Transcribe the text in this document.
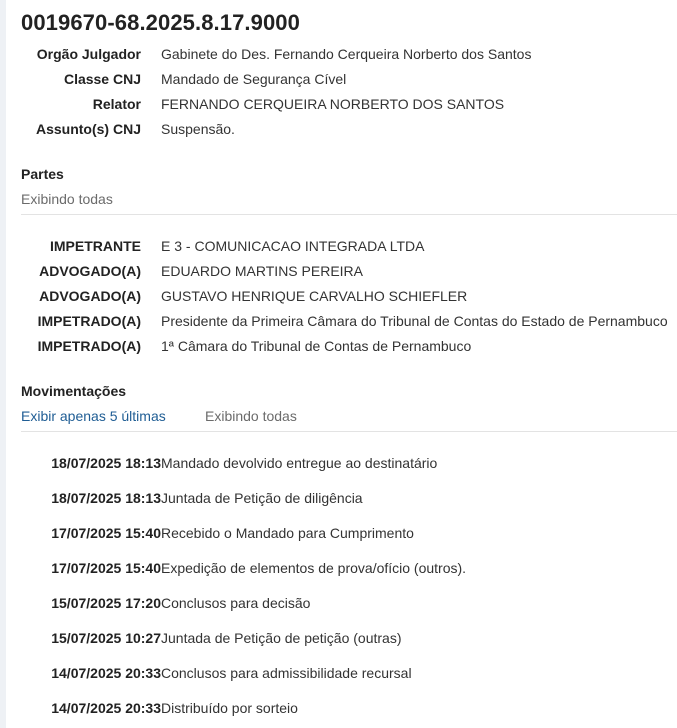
0019670-68.2025.8.17.9000
Orgão Julgador Gabinete do Des. Fernando Cerqueira Norberto dos Santos
Classe CNJ Mandado de Segurança Cível
Relator FERNANDO CERQUEIRA NORBERTO DOS SANTOS
Assunto(s) CNJ Suspensão.
Partes
Exibindo todas
IMPETRANTE E 3 - COMUNICACAO INTEGRADA LTDA
ADVOGADO(A) EDUARDO MARTINS PEREIRA
ADVOGADO(A) GUSTAVO HENRIQUE CARVALHO SCHIEFLER
IMPETRADO(A) Presidente da Primeira Câmara do Tribunal de Contas do Estado de Pernambuco
IMPETRADO(A) 1ª Câmara do Tribunal de Contas de Pernambuco
Movimentações
Exibir apenas 5 últimas	Exibindo todas
18/07/2025 18:13 Mandado devolvido entregue ao destinatário
18/07/2025 18:13 Juntada de Petição de diligência
17/07/2025 15:40 Recebido o Mandado para Cumprimento
17/07/2025 15:40 Expedição de elementos de prova/ofício (outros).
15/07/2025 17:20 Conclusos para decisão
15/07/2025 10:27 Juntada de Petição de petição (outras)
14/07/2025 20:33 Conclusos para admissibilidade recursal
14/07/2025 20:33 Distribuído por sorteio
